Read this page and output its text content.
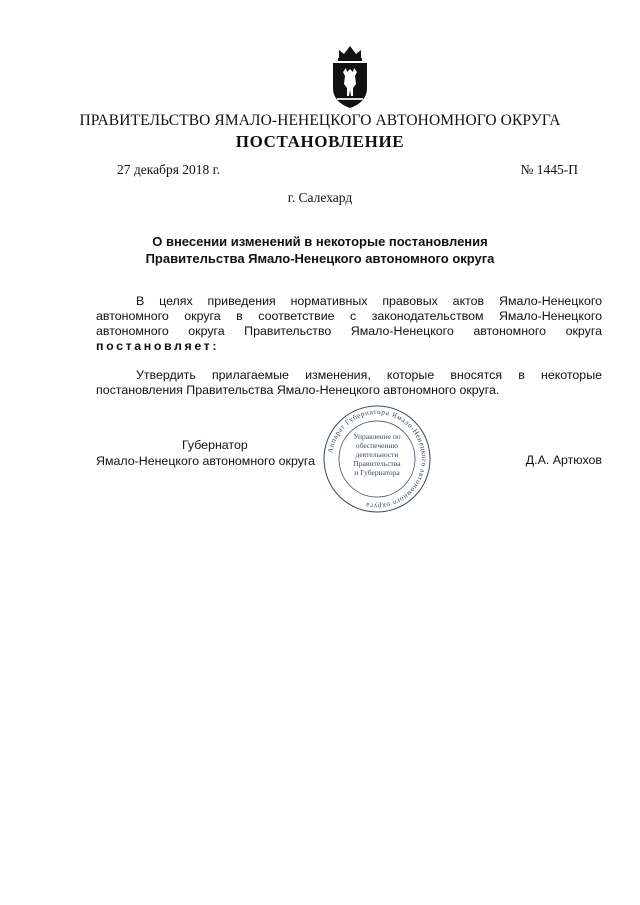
ПРАВИТЕЛЬСТВО ЯМАЛО-НЕНЕЦКОГО АВТОНОМНОГО ОКРУГА
ПОСТАНОВЛЕНИЕ
27 декабря 2018 г.	№ 1445-П
г. Салехард
О внесении изменений в некоторые постановления
Правительства Ямало-Ненецкого автономного округа
В целях приведения нормативных правовых актов Ямало-Ненецкого
автономного округа в соответствие с законодательством Ямало-Ненецкого
автономного округа Правительство Ямало-Ненецкого автономного округа
постановляет:
Утвердить прилагаемые изменения, которые вносятся в некоторые
постановления Правительства Ямало-Ненецкого автономного округа.
Аппарат Губернатора Ямало-Ненецкого автономного округа
Управление по
обеспечению
деятельности
Правительства
и Губернатора
Губернатор
Ямало-Ненецкого автономного округа	Д.А. Артюхов
